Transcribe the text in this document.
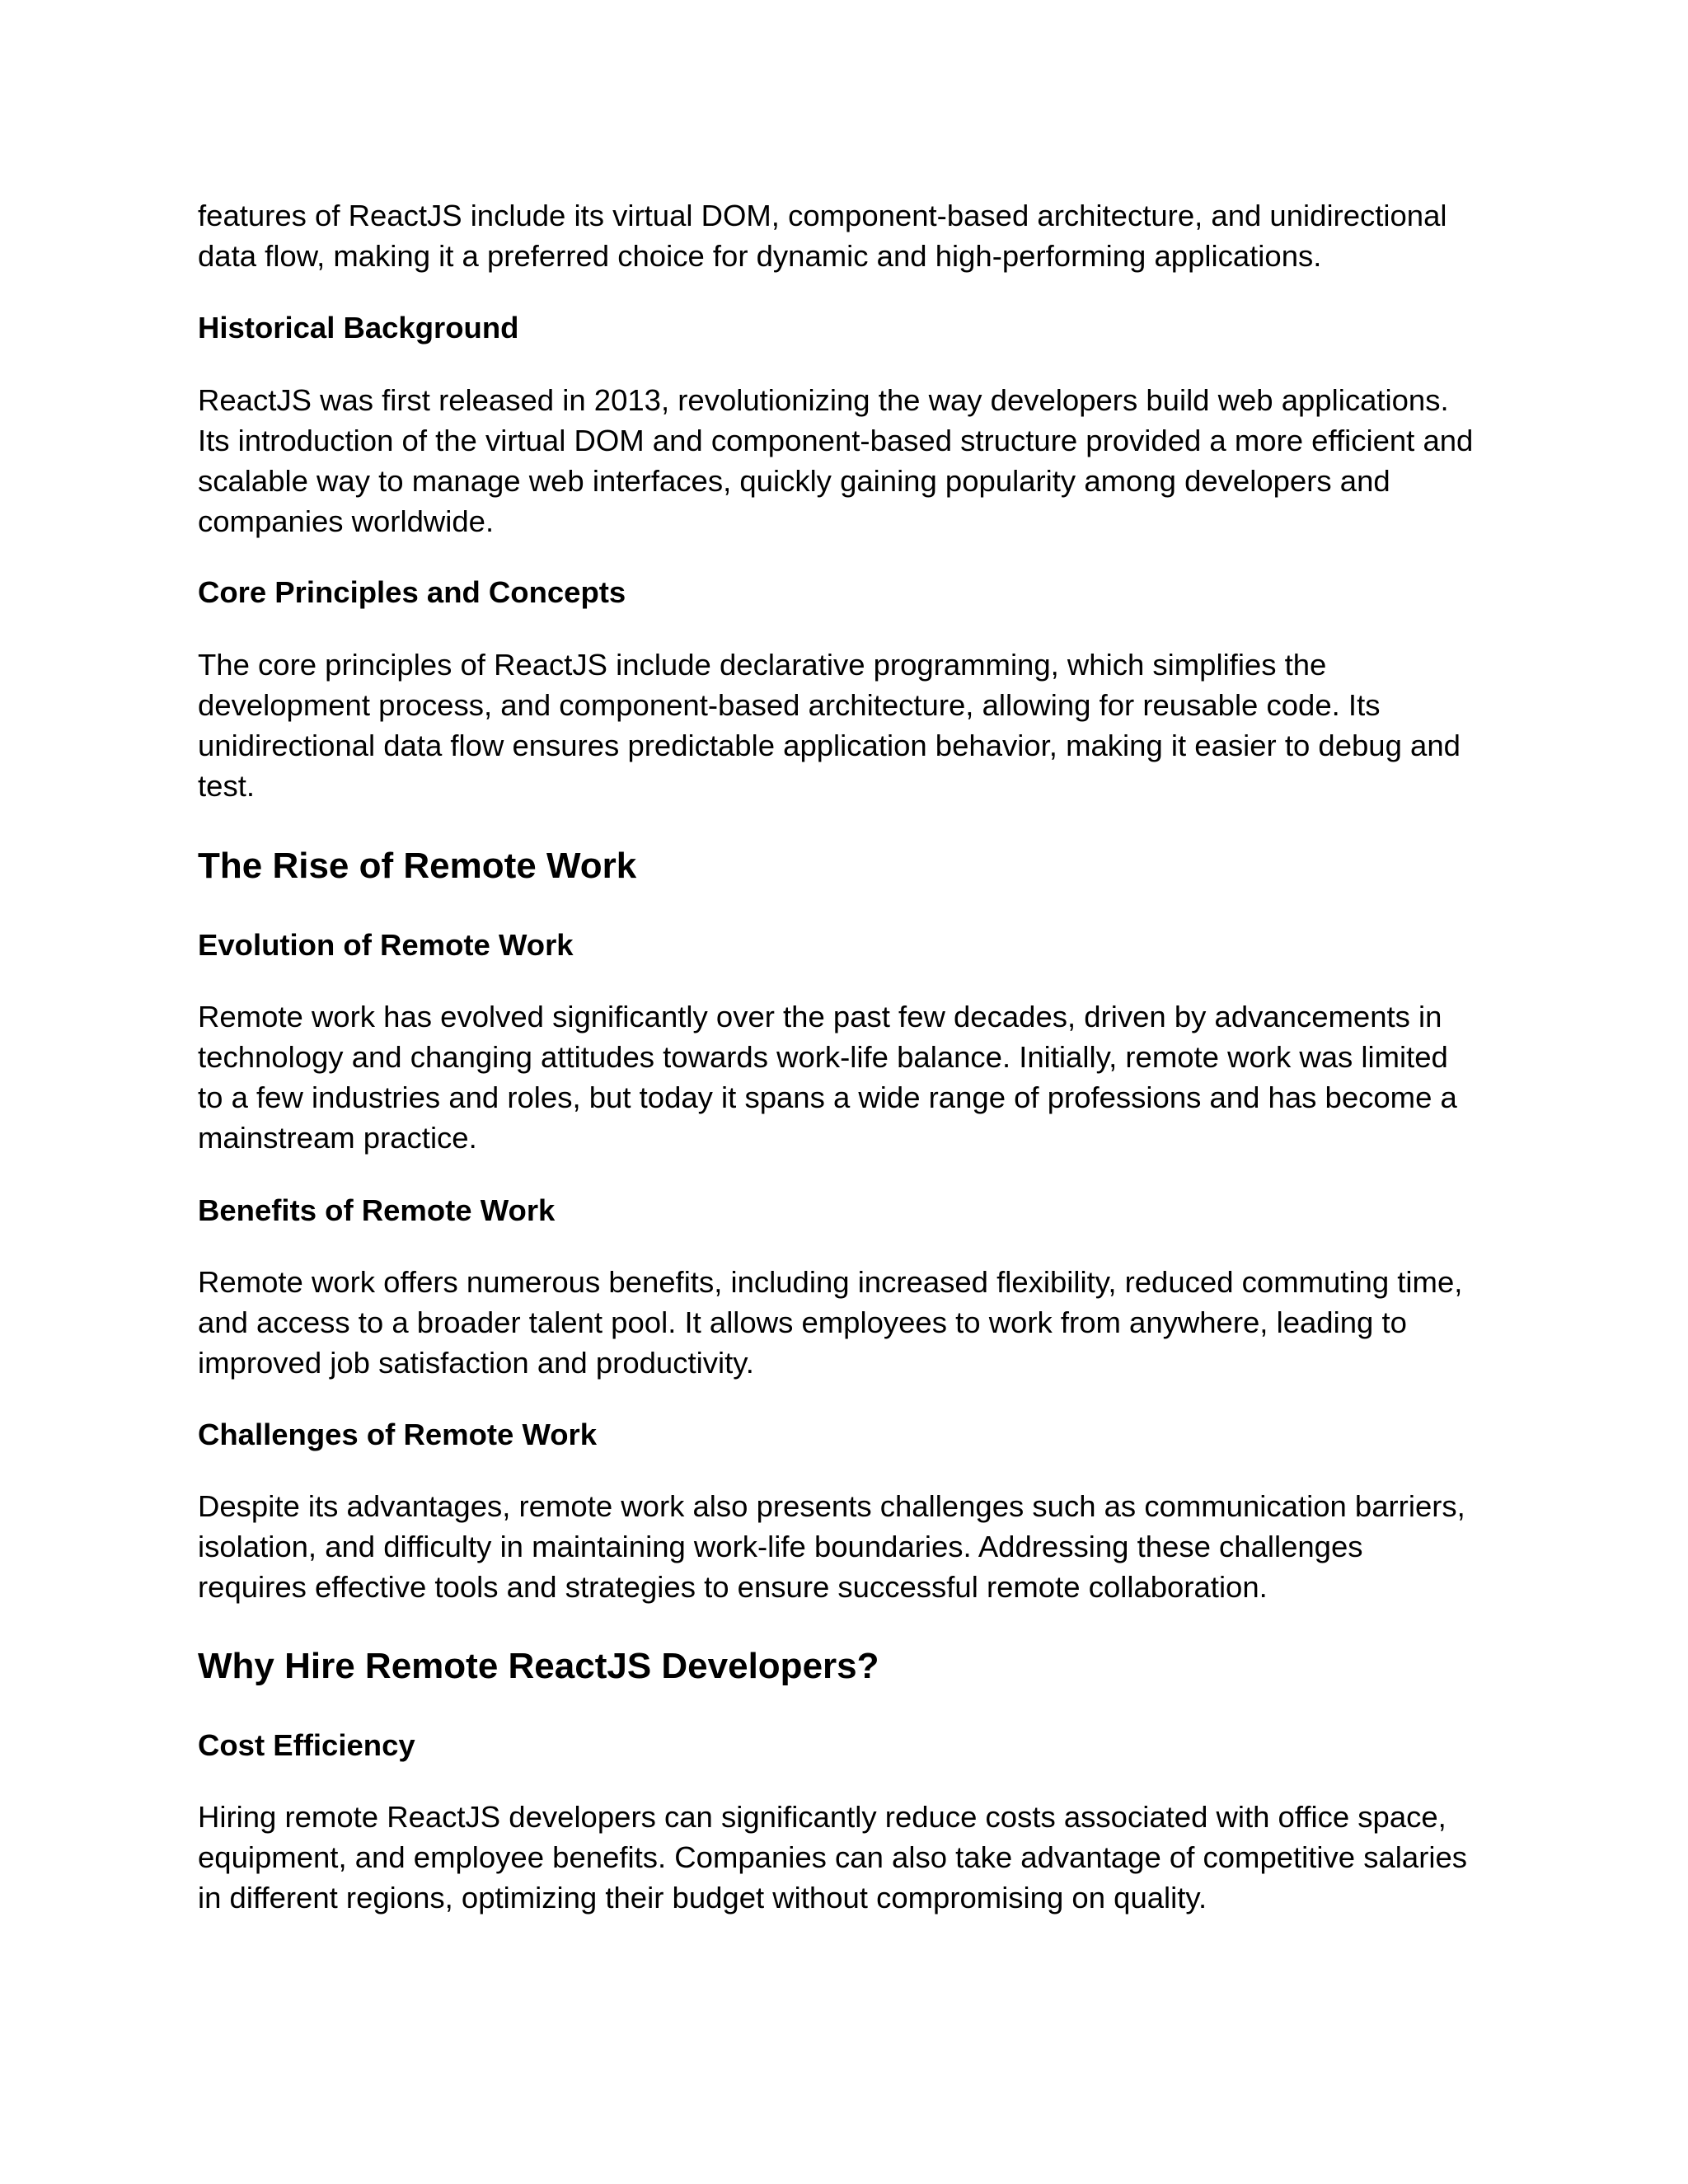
features of ReactJS include its virtual DOM, component-based architecture, and unidirectional
data flow, making it a preferred choice for dynamic and high-performing applications.
Historical Background
ReactJS was first released in 2013, revolutionizing the way developers build web applications.
Its introduction of the virtual DOM and component-based structure provided a more efficient and
scalable way to manage web interfaces, quickly gaining popularity among developers and
companies worldwide.
Core Principles and Concepts
The core principles of ReactJS include declarative programming, which simplifies the
development process, and component-based architecture, allowing for reusable code. Its
unidirectional data flow ensures predictable application behavior, making it easier to debug and
test.
The Rise of Remote Work
Evolution of Remote Work
Remote work has evolved significantly over the past few decades, driven by advancements in
technology and changing attitudes towards work-life balance. Initially, remote work was limited
to a few industries and roles, but today it spans a wide range of professions and has become a
mainstream practice.
Benefits of Remote Work
Remote work offers numerous benefits, including increased flexibility, reduced commuting time,
and access to a broader talent pool. It allows employees to work from anywhere, leading to
improved job satisfaction and productivity.
Challenges of Remote Work
Despite its advantages, remote work also presents challenges such as communication barriers,
isolation, and difficulty in maintaining work-life boundaries. Addressing these challenges
requires effective tools and strategies to ensure successful remote collaboration.
Why Hire Remote ReactJS Developers?
Cost Efficiency
Hiring remote ReactJS developers can significantly reduce costs associated with office space,
equipment, and employee benefits. Companies can also take advantage of competitive salaries
in different regions, optimizing their budget without compromising on quality.
